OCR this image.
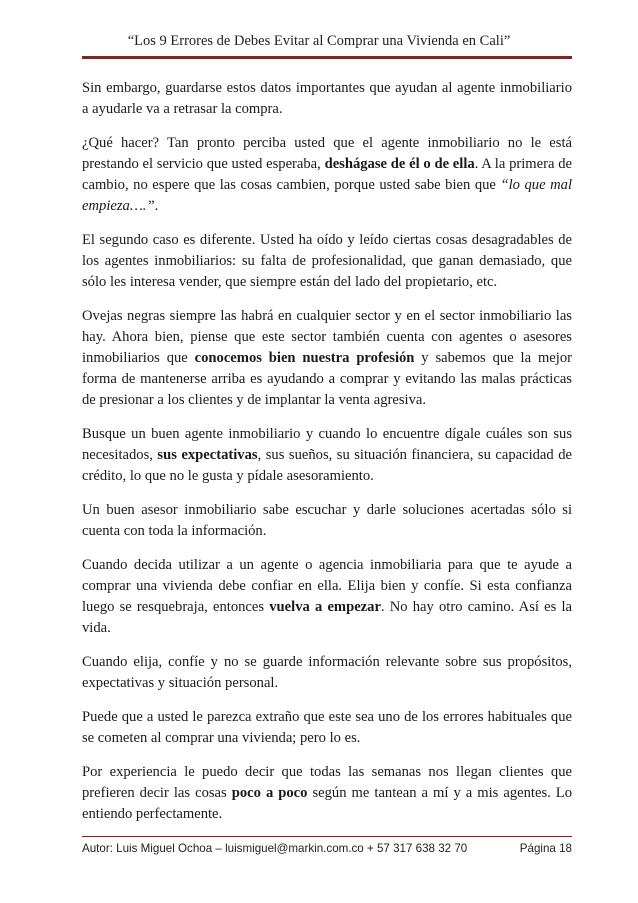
“Los 9 Errores de Debes Evitar al Comprar una Vivienda en Cali”

Sin embargo, guardarse estos datos importantes que ayudan al agente inmobiliario a ayudarle va a retrasar la compra.

¿Qué hacer? Tan pronto perciba usted que el agente inmobiliario no le está prestando el servicio que usted esperaba, deshágase de él o de ella. A la primera de cambio, no espere que las cosas cambien, porque usted sabe bien que “lo que mal empieza….”.

El segundo caso es diferente. Usted ha oído y leído ciertas cosas desagradables de los agentes inmobiliarios: su falta de profesionalidad, que ganan demasiado, que sólo les interesa vender, que siempre están del lado del propietario, etc.

Ovejas negras siempre las habrá en cualquier sector y en el sector inmobiliario las hay. Ahora bien, piense que este sector también cuenta con agentes o asesores inmobiliarios que conocemos bien nuestra profesión y sabemos que la mejor forma de mantenerse arriba es ayudando a comprar y evitando las malas prácticas de presionar a los clientes y de implantar la venta agresiva.

Busque un buen agente inmobiliario y cuando lo encuentre dígale cuáles son sus necesitados, sus expectativas, sus sueños, su situación financiera, su capacidad de crédito, lo que no le gusta y pídale asesoramiento.

Un buen asesor inmobiliario sabe escuchar y darle soluciones acertadas sólo si cuenta con toda la información.

Cuando decida utilizar a un agente o agencia inmobiliaria para que te ayude a comprar una vivienda debe confiar en ella. Elija bien y confíe. Si esta confianza luego se resquebraja, entonces vuelva a empezar. No hay otro camino. Así es la vida.

Cuando elija, confíe y no se guarde información relevante sobre sus propósitos, expectativas y situación personal.

Puede que a usted le parezca extraño que este sea uno de los errores habituales que se cometen al comprar una vivienda; pero lo es.

Por experiencia le puedo decir que todas las semanas nos llegan clientes que prefieren decir las cosas poco a poco según me tantean a mí y a mis agentes. Lo entiendo perfectamente.

Autor: Luis Miguel Ochoa – luismiguel@markin.com.co + 57 317 638 32 70	Página 18
